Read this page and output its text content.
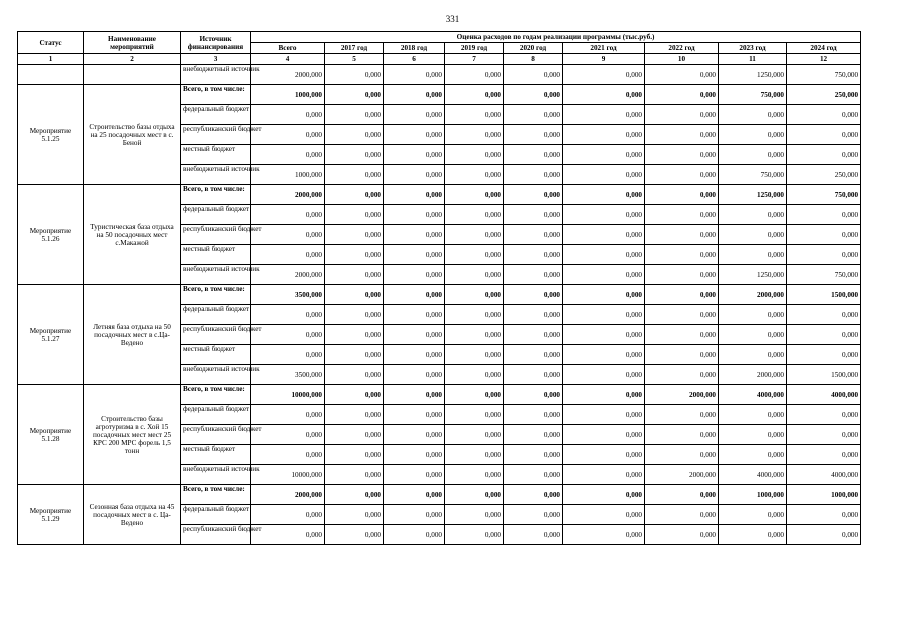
331
Статус	Наименование мероприятий	Источник финансирования	Оценка расходов по годам реализации программы (тыс.руб.)								
			Всего	2017 год	2018 год	2019 год	2020 год	2021 год	2022 год	2023 год	2024 год
1	2	3	4	5	6	7	8	9	10	11	12
		внебюджетный источник	2000,000	0,000	0,000	0,000	0,000	0,000	0,000	1250,000	750,000
Мероприятие 5.1.25	Строительство базы отдыха на 25 посадочных мест в с. Беной	Всего, в том числе:	1000,000	0,000	0,000	0,000	0,000	0,000	0,000	750,000	250,000
		федеральный бюджет	0,000	0,000	0,000	0,000	0,000	0,000	0,000	0,000	0,000
		республиканский бюджет	0,000	0,000	0,000	0,000	0,000	0,000	0,000	0,000	0,000
		местный бюджет	0,000	0,000	0,000	0,000	0,000	0,000	0,000	0,000	0,000
		внебюджетный источник	1000,000	0,000	0,000	0,000	0,000	0,000	0,000	750,000	250,000
Мероприятие 5.1.26	Туристическая база отдыха на 50 посадочных мест с.Макажой	Всего, в том числе:	2000,000	0,000	0,000	0,000	0,000	0,000	0,000	1250,000	750,000
		федеральный бюджет	0,000	0,000	0,000	0,000	0,000	0,000	0,000	0,000	0,000
		республиканский бюджет	0,000	0,000	0,000	0,000	0,000	0,000	0,000	0,000	0,000
		местный бюджет	0,000	0,000	0,000	0,000	0,000	0,000	0,000	0,000	0,000
		внебюджетный источник	2000,000	0,000	0,000	0,000	0,000	0,000	0,000	1250,000	750,000
Мероприятие 5.1.27	Летняя база отдыха на 50 посадочных мест в с.Ца-Ведено	Всего, в том числе:	3500,000	0,000	0,000	0,000	0,000	0,000	0,000	2000,000	1500,000
		федеральный бюджет	0,000	0,000	0,000	0,000	0,000	0,000	0,000	0,000	0,000
		республиканский бюджет	0,000	0,000	0,000	0,000	0,000	0,000	0,000	0,000	0,000
		местный бюджет	0,000	0,000	0,000	0,000	0,000	0,000	0,000	0,000	0,000
		внебюджетный источник	3500,000	0,000	0,000	0,000	0,000	0,000	0,000	2000,000	1500,000
Мероприятие 5.1.28	Строительство базы агротуризма в с. Хой 15 посадочных мест мест 25 КРС 200 МРС форель 1,5 тонн	Всего, в том числе:	10000,000	0,000	0,000	0,000	0,000	0,000	2000,000	4000,000	4000,000
		федеральный бюджет	0,000	0,000	0,000	0,000	0,000	0,000	0,000	0,000	0,000
		республиканский бюджет	0,000	0,000	0,000	0,000	0,000	0,000	0,000	0,000	0,000
		местный бюджет	0,000	0,000	0,000	0,000	0,000	0,000	0,000	0,000	0,000
		внебюджетный источник	10000,000	0,000	0,000	0,000	0,000	0,000	2000,000	4000,000	4000,000
Мероприятие 5.1.29	Сезонная база отдыха на 45 посадочных мест в с. Ца-Ведено	Всего, в том числе:	2000,000	0,000	0,000	0,000	0,000	0,000	0,000	1000,000	1000,000
		федеральный бюджет	0,000	0,000	0,000	0,000	0,000	0,000	0,000	0,000	0,000
		республиканский бюджет	0,000	0,000	0,000	0,000	0,000	0,000	0,000	0,000	0,000
